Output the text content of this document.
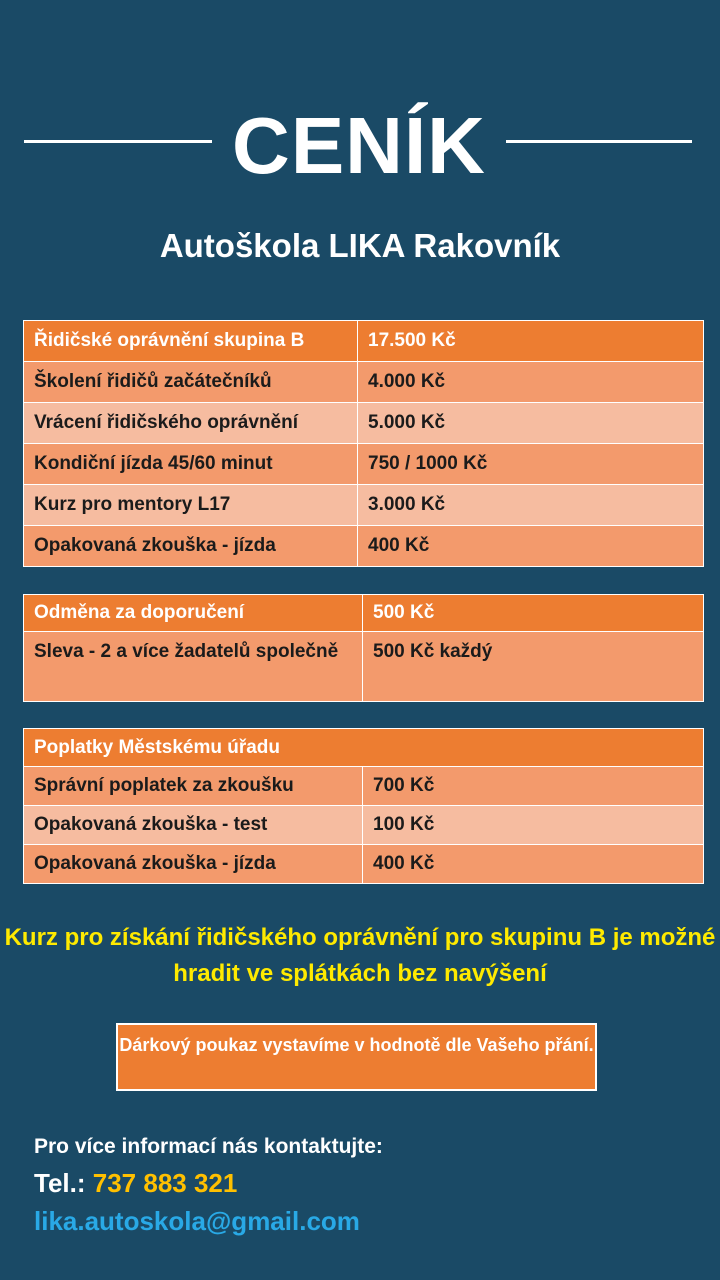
CENÍK
Autoškola LIKA Rakovník
Řidičské oprávnění skupina B	17.500 Kč
Školení řidičů začátečníků	4.000 Kč
Vrácení řidičského oprávnění	5.000 Kč
Kondiční jízda 45/60 minut	750 / 1000 Kč
Kurz pro mentory L17	3.000 Kč
Opakovaná zkouška - jízda	400 Kč
Odměna za doporučení	500 Kč
Sleva - 2 a více žadatelů společně	500 Kč každý
Poplatky Městskému úřadu	
Správní poplatek za zkoušku	700 Kč
Opakovaná zkouška - test	100 Kč
Opakovaná zkouška - jízda	400 Kč
Kurz pro získání řidičského oprávnění pro skupinu B je možné hradit ve splátkách bez navýšení
Dárkový poukaz vystavíme v hodnotě dle Vašeho přání.
Pro více informací nás kontaktujte:
Tel.: 737 883 321
lika.autoskola@gmail.com
